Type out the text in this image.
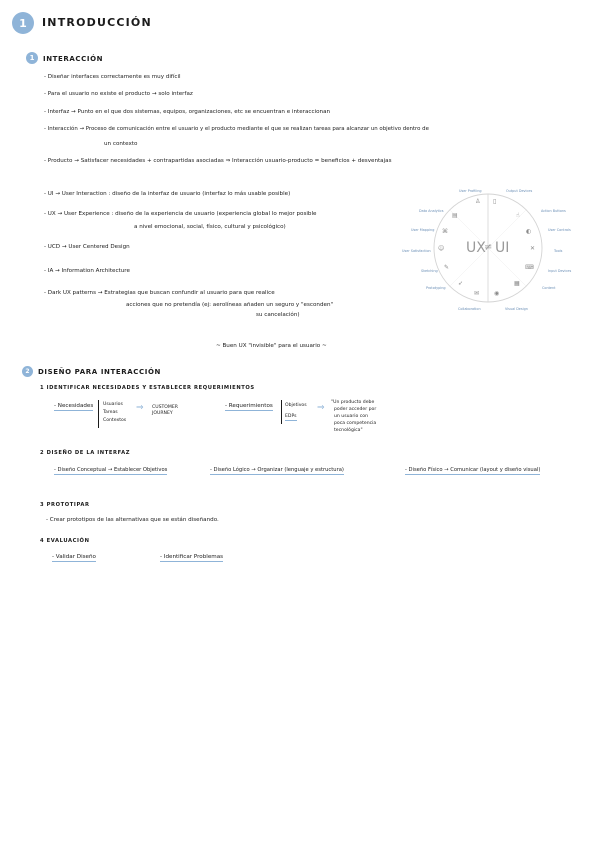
1	INTRODUCCIÓN
1	INTERACCIÓN
- Diseñar interfaces correctamente es muy difícil
- Para el usuario no existe el producto → solo interfaz
- Interfaz → Punto en el que dos sistemas, equipos, organizaciones, etc se encuentran e interaccionan
- Interacción → Proceso de comunicación entre el usuario y el producto mediante el que se realizan tareas para alcanzar un objetivo dentro de
un contexto
- Producto → Satisfacer necesidades + contrapartidas asociadas ⇒ Interacción usuario-producto = beneficios + desventajas
- UI → User Interaction : diseño de la interfaz de usuario (interfaz lo más usable posible)
- UX → User Experience : diseño de la experiencia de usuario (experiencia global lo mejor posible
a nivel emocional, social, físico, cultural y psicológico)
- UCD → User Centered Design
- IA → Information Architecture
- Dark UX patterns → Estrategias que buscan confundir al usuario para que realice
acciones que no pretendía (ej: aerolíneas añaden un seguro y "esconden"
su cancelación)
~ Buen UX "invisible" para el usuario ~
UX
≠ UI
♙ ▯
▤	☝
⌘	◐
☺	✕
✎	⌨
➶	▦
✉ ◉
User Profiling
Data Analytics
User Mapping
User Satisfaction
Sketching
Prototyping
Collaboration	Visual Design
Content
Input Devices
Tools
User Controls
Action Buttons
Output Devices
2	DISEÑO PARA INTERACCIÓN
1 IDENTIFICAR NECESIDADES Y ESTABLECER REQUERIMIENTOS
- Necesidades Usuarios
Tareas
Contextos
⇒ CUSTOMER
JOURNEY
- Requerimientos	Objetivos
EDPs
⇒
"Un producto debe
poder acceder por
un usuario con
poca competencia
tecnológica"
2 DISEÑO DE LA INTERFAZ
- Diseño Conceptual → Establecer Objetivos	- Diseño Lógico → Organizar (lenguaje y estructura)	- Diseño Físico → Comunicar (layout y diseño visual)
3 PROTOTIPAR
- Crear prototipos de las alternativas que se están diseñando.
4 EVALUACIÓN
- Validar Diseño	- Identificar Problemas
